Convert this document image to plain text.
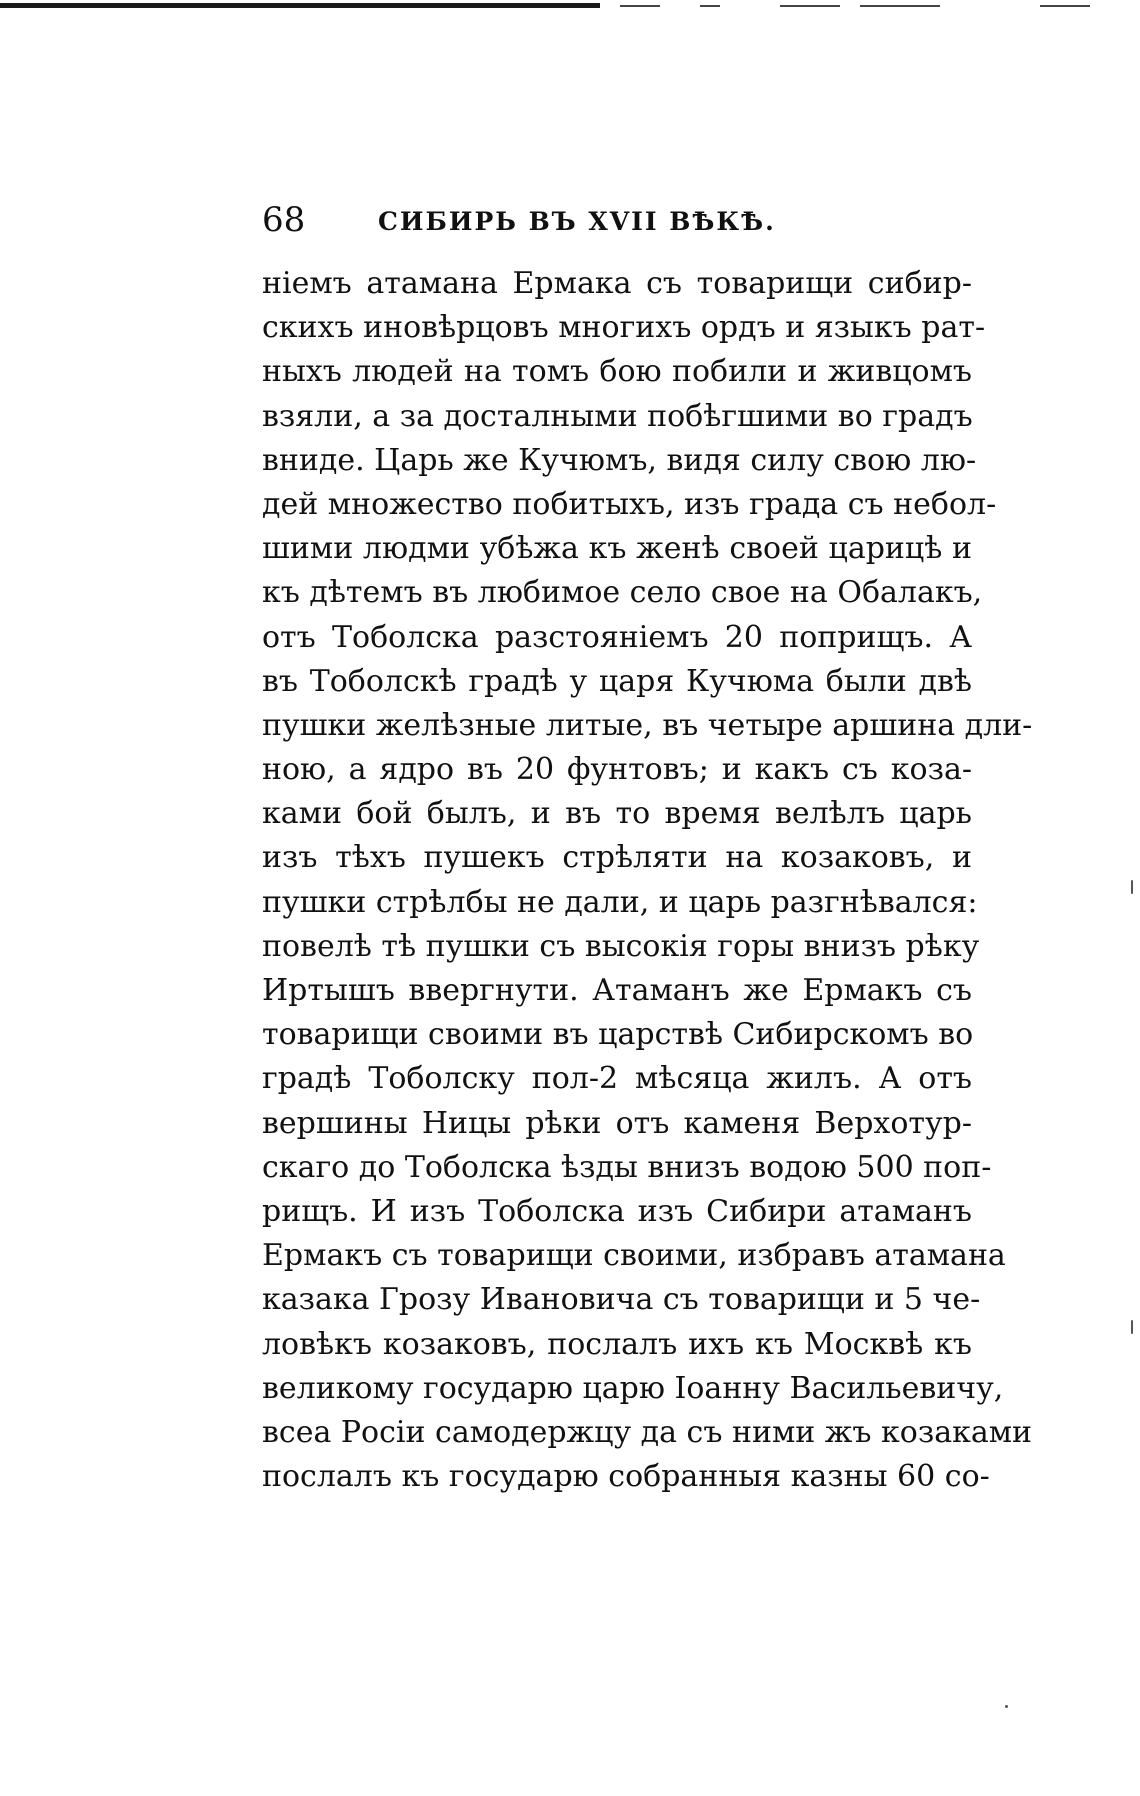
68	СИБИРЬ ВЪ XVII ВѢКѢ.
ніемъ атамана Ермака съ товарищи сибир-
скихъ иновѣрцовъ многихъ ордъ и языкъ рат-
ныхъ людей на томъ бою побили и живцомъ
взяли, а за досталными побѣгшими во градъ
вниде. Царь же Кучюмъ, видя силу свою лю-
дей множество побитыхъ, изъ града съ небол-
шими людми убѣжа къ женѣ своей царицѣ и
къ дѣтемъ въ любимое село свое на Обалакъ,
отъ Тоболска разстояніемъ 20 поприщъ. А
въ Тоболскѣ градѣ у царя Кучюма были двѣ
пушки желѣзные литые, въ четыре аршина дли-
ною, а ядро въ 20 фунтовъ; и какъ съ коза-
ками бой былъ, и въ то время велѣлъ царь
изъ тѣхъ пушекъ стрѣляти на козаковъ, и
пушки стрѣлбы не дали, и царь разгнѣвался:
повелѣ тѣ пушки съ высокія горы внизъ рѣку
Иртышъ ввергнути. Атаманъ же Ермакъ съ
товарищи своими въ царствѣ Сибирскомъ во
градѣ Тоболску пол-2 мѣсяца жилъ. А отъ
вершины Ницы рѣки отъ каменя Верхотур-
скаго до Тоболска ѣзды внизъ водою 500 поп-
рищъ. И изъ Тоболска изъ Сибири атаманъ
Ермакъ съ товарищи своими, избравъ атамана
казака Грозу Ивановича съ товарищи и 5 че-
ловѣкъ козаковъ, послалъ ихъ къ Москвѣ къ
великому государю царю Іоанну Васильевичу,
всеа Росіи самодержцу да съ ними жъ козаками
послалъ къ государю собранныя казны 60 со-
